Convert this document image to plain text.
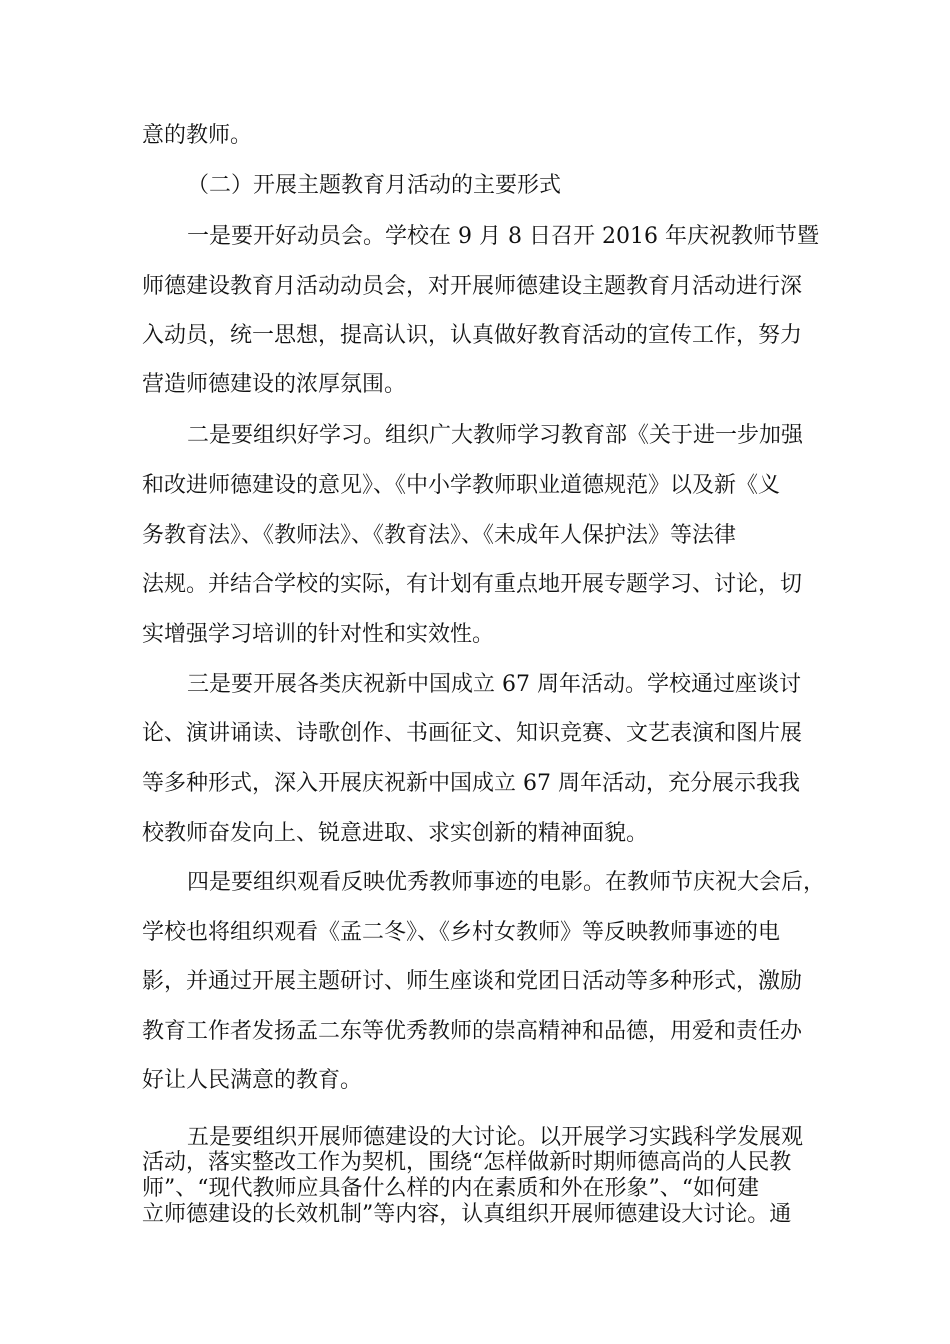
意的教师。
（二）开展主题教育月活动的主要形式
一是要开好动员会。学校在 9 月 8 日召开 2016 年庆祝教师节暨
师德建设教育月活动动员会，对开展师德建设主题教育月活动进行深
入动员，统一思想，提高认识，认真做好教育活动的宣传工作，努力
营造师德建设的浓厚氛围。
二是要组织好学习。组织广大教师学习教育部《关于进一步加强
和改进师德建设的意见》、《中小学教师职业道德规范》以及新《义
务教育法》、《教师法》、《教育法》、《未成年人保护法》等法律
法规。并结合学校的实际，有计划有重点地开展专题学习、讨论，切
实增强学习培训的针对性和实效性。
三是要开展各类庆祝新中国成立 67 周年活动。学校通过座谈讨
论、演讲诵读、诗歌创作、书画征文、知识竞赛、文艺表演和图片展
等多种形式，深入开展庆祝新中国成立 67 周年活动，充分展示我我
校教师奋发向上、锐意进取、求实创新的精神面貌。
四是要组织观看反映优秀教师事迹的电影。在教师节庆祝大会后，
学校也将组织观看《孟二冬》、《乡村女教师》等反映教师事迹的电
影，并通过开展主题研讨、师生座谈和党团日活动等多种形式，激励
教育工作者发扬孟二东等优秀教师的崇高精神和品德，用爱和责任办
好让人民满意的教育。
五是要组织开展师德建设的大讨论。以开展学习实践科学发展观
活动，落实整改工作为契机，围绕“怎样做新时期师德高尚的人民教
师”、“现代教师应具备什么样的内在素质和外在形象”、“如何建
立师德建设的长效机制”等内容，认真组织开展师德建设大讨论。通
